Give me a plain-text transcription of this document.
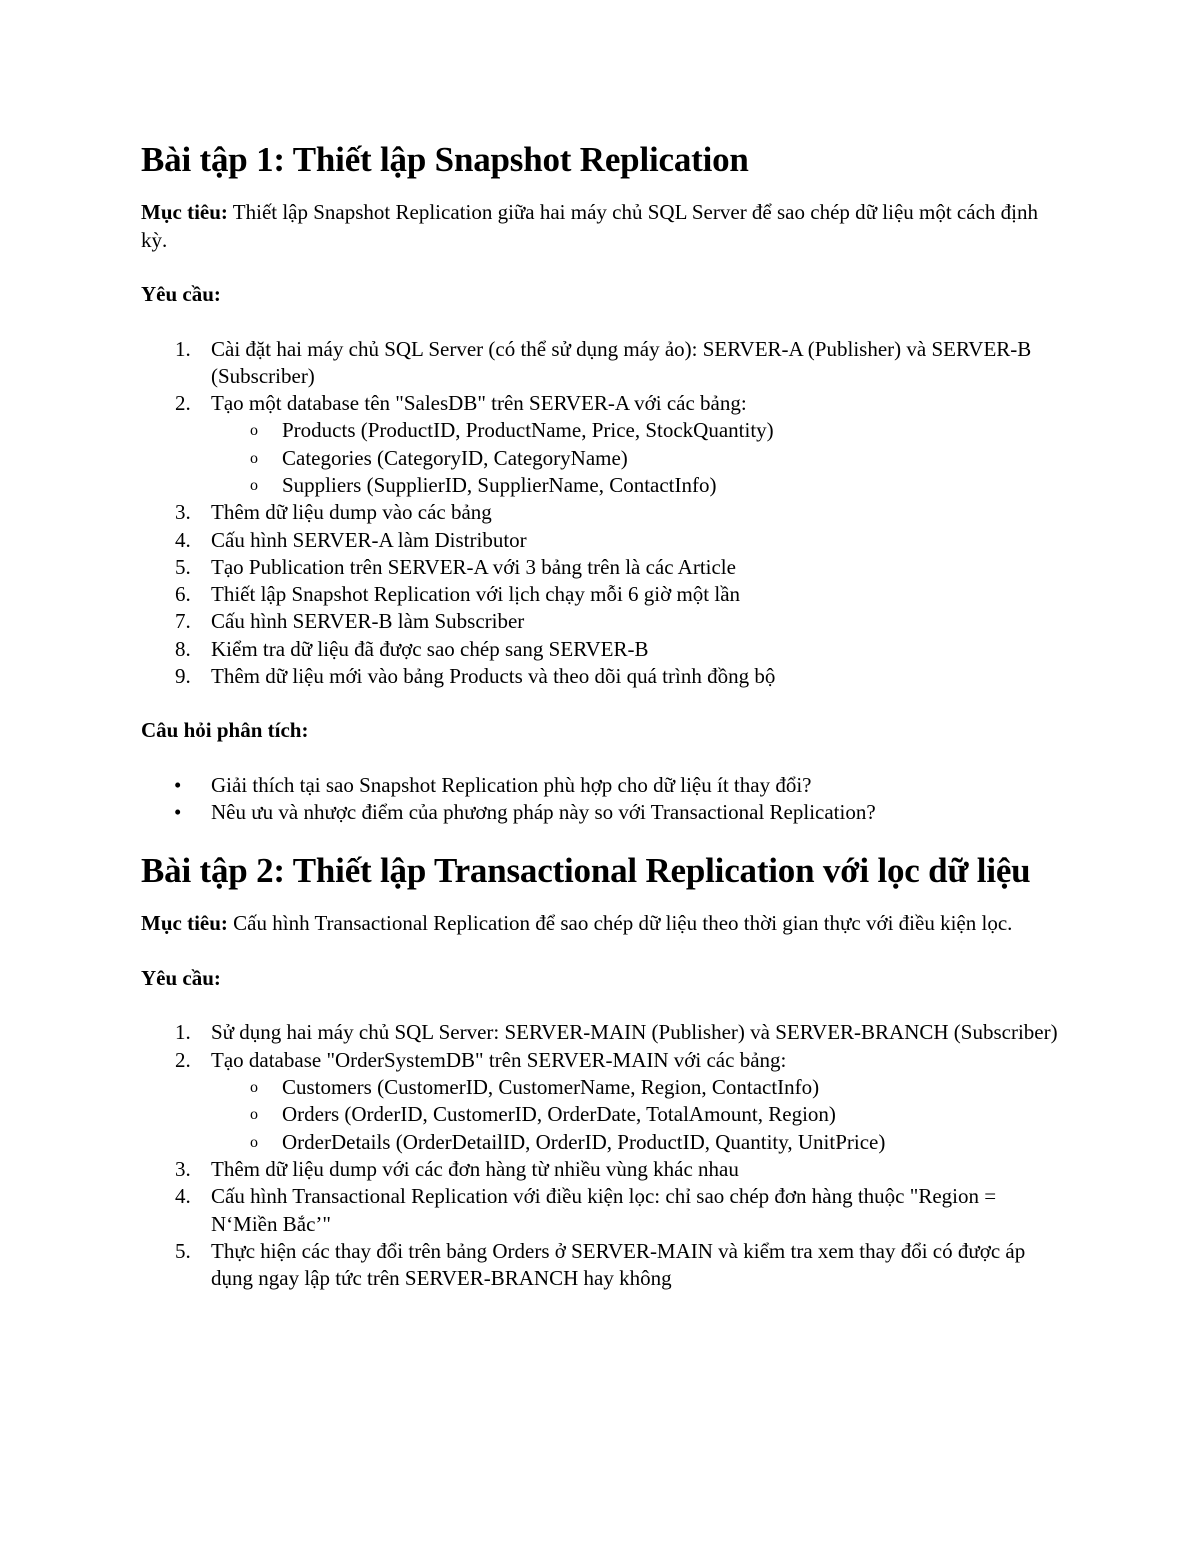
Bài tập 1: Thiết lập Snapshot Replication

Mục tiêu: Thiết lập Snapshot Replication giữa hai máy chủ SQL Server để sao chép dữ liệu một cách định kỳ.

Yêu cầu:

1. Cài đặt hai máy chủ SQL Server (có thể sử dụng máy ảo): SERVER-A (Publisher) và SERVER-B (Subscriber)
2. Tạo một database tên "SalesDB" trên SERVER-A với các bảng:
o Products (ProductID, ProductName, Price, StockQuantity)
o Categories (CategoryID, CategoryName)
o Suppliers (SupplierID, SupplierName, ContactInfo)
3. Thêm dữ liệu dump vào các bảng
4. Cấu hình SERVER-A làm Distributor
5. Tạo Publication trên SERVER-A với 3 bảng trên là các Article
6. Thiết lập Snapshot Replication với lịch chạy mỗi 6 giờ một lần
7. Cấu hình SERVER-B làm Subscriber
8. Kiểm tra dữ liệu đã được sao chép sang SERVER-B
9. Thêm dữ liệu mới vào bảng Products và theo dõi quá trình đồng bộ

Câu hỏi phân tích:

• Giải thích tại sao Snapshot Replication phù hợp cho dữ liệu ít thay đổi?
• Nêu ưu và nhược điểm của phương pháp này so với Transactional Replication?
Bài tập 2: Thiết lập Transactional Replication với lọc dữ liệu

Mục tiêu: Cấu hình Transactional Replication để sao chép dữ liệu theo thời gian thực với điều kiện lọc.

Yêu cầu:

1. Sử dụng hai máy chủ SQL Server: SERVER-MAIN (Publisher) và SERVER-BRANCH (Subscriber)
2. Tạo database "OrderSystemDB" trên SERVER-MAIN với các bảng:
o Customers (CustomerID, CustomerName, Region, ContactInfo)
o Orders (OrderID, CustomerID, OrderDate, TotalAmount, Region)
o OrderDetails (OrderDetailID, OrderID, ProductID, Quantity, UnitPrice)
3. Thêm dữ liệu dump với các đơn hàng từ nhiều vùng khác nhau
4. Cấu hình Transactional Replication với điều kiện lọc: chỉ sao chép đơn hàng thuộc "Region = N‘Miền Bắc’"
5. Thực hiện các thay đổi trên bảng Orders ở SERVER-MAIN và kiểm tra xem thay đổi có được áp dụng ngay lập tức trên SERVER-BRANCH hay không
